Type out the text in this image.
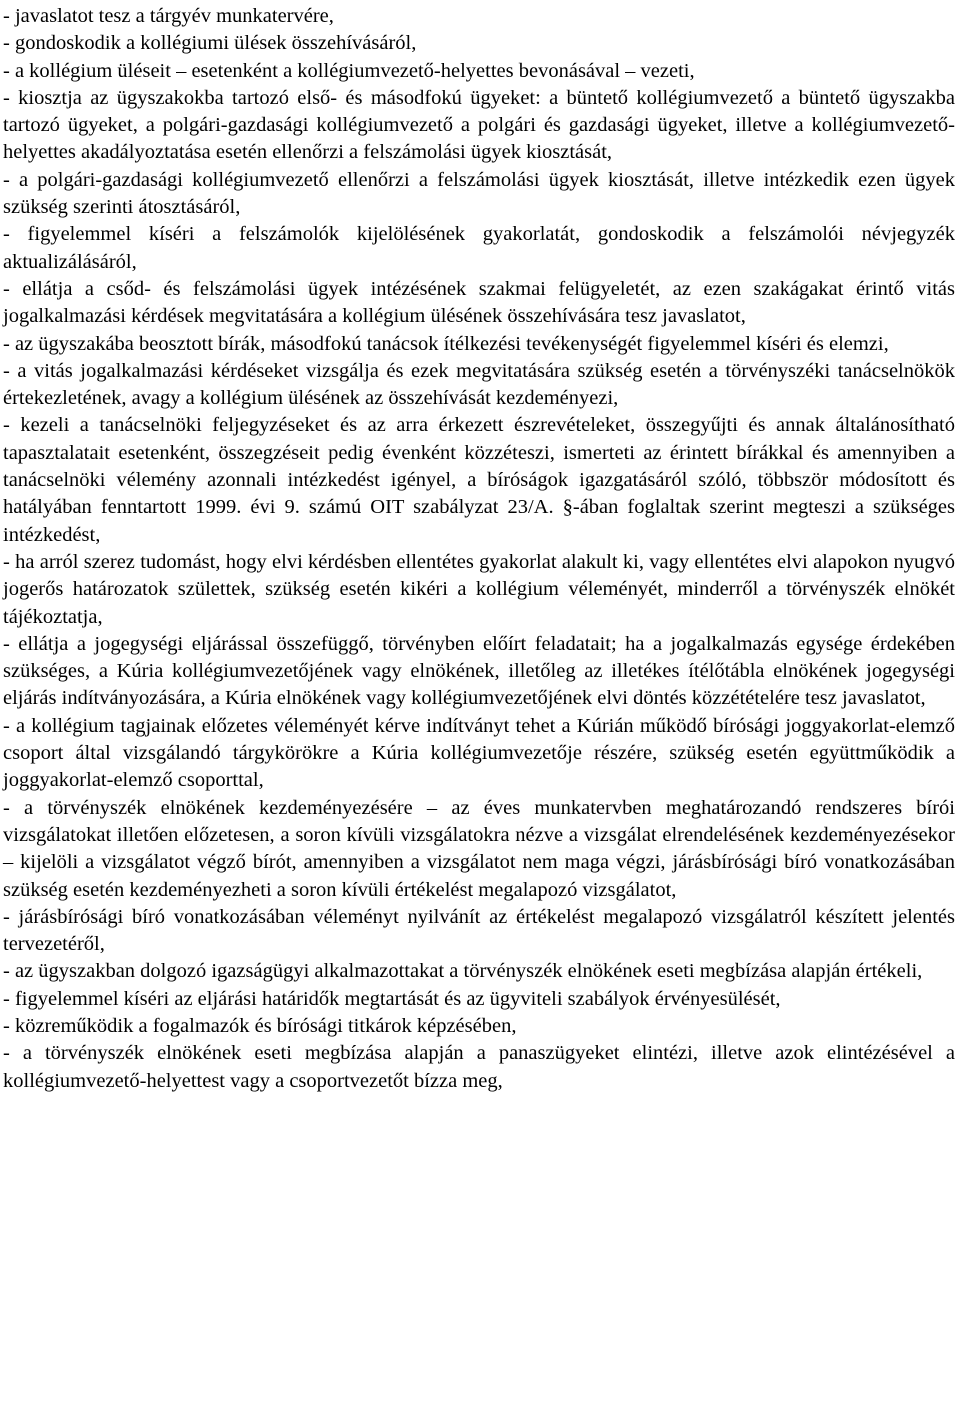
- javaslatot tesz a tárgyév munkatervére,

- gondoskodik a kollégiumi ülések összehívásáról,

- a kollégium üléseit – esetenként a kollégiumvezető-helyettes bevonásával – vezeti,

- kiosztja az ügyszakokba tartozó első- és másodfokú ügyeket: a büntető kollégiumvezető a büntető ügyszakba tartozó ügyeket, a polgári-gazdasági kollégiumvezető a polgári és gazdasági ügyeket, illetve a kollégiumvezető-helyettes akadályoztatása esetén ellenőrzi a felszámolási ügyek kiosztását,

- a polgári-gazdasági kollégiumvezető ellenőrzi a felszámolási ügyek kiosztását, illetve intézkedik ezen ügyek szükség szerinti átosztásáról,

- figyelemmel kíséri a felszámolók kijelölésének gyakorlatát, gondoskodik a felszámolói névjegyzék aktualizálásáról,

- ellátja a csőd- és felszámolási ügyek intézésének szakmai felügyeletét, az ezen szakágakat érintő vitás jogalkalmazási kérdések megvitatására a kollégium ülésének összehívására tesz javaslatot,

- az ügyszakába beosztott bírák, másodfokú tanácsok ítélkezési tevékenységét figyelemmel kíséri és elemzi,

- a vitás jogalkalmazási kérdéseket vizsgálja és ezek megvitatására szükség esetén a törvényszéki tanácselnökök értekezletének, avagy a kollégium ülésének az összehívását kezdeményezi,

- kezeli a tanácselnöki feljegyzéseket és az arra érkezett észrevételeket, összegyűjti és annak általánosítható tapasztalatait esetenként, összegzéseit pedig évenként közzéteszi, ismerteti az érintett bírákkal és amennyiben a tanácselnöki vélemény azonnali intézkedést igényel, a bíróságok igazgatásáról szóló, többször módosított és hatályában fenntartott 1999. évi 9. számú OIT szabályzat 23/A. §-ában foglaltak szerint megteszi a szükséges intézkedést,

- ha arról szerez tudomást, hogy elvi kérdésben ellentétes gyakorlat alakult ki, vagy ellentétes elvi alapokon nyugvó jogerős határozatok születtek, szükség esetén kikéri a kollégium véleményét, minderről a törvényszék elnökét tájékoztatja,

- ellátja a jogegységi eljárással összefüggő, törvényben előírt feladatait; ha a jogalkalmazás egysége érdekében szükséges, a Kúria kollégiumvezetőjének vagy elnökének, illetőleg az illetékes ítélőtábla elnökének jogegységi eljárás indítványozására, a Kúria elnökének vagy kollégiumvezetőjének elvi döntés közzétételére tesz javaslatot,

- a kollégium tagjainak előzetes véleményét kérve indítványt tehet a Kúrián működő bírósági joggyakorlat-elemző csoport által vizsgálandó tárgykörökre a Kúria kollégiumvezetője részére, szükség esetén együttműködik a joggyakorlat-elemző csoporttal,

- a törvényszék elnökének kezdeményezésére – az éves munkatervben meghatározandó rendszeres bírói vizsgálatokat illetően előzetesen, a soron kívüli vizsgálatokra nézve a vizsgálat elrendelésének kezdeményezésekor – kijelöli a vizsgálatot végző bírót, amennyiben a vizsgálatot nem maga végzi, járásbírósági bíró vonatkozásában szükség esetén kezdeményezheti a soron kívüli értékelést megalapozó vizsgálatot,

- járásbírósági bíró vonatkozásában véleményt nyilvánít az értékelést megalapozó vizsgálatról készített jelentés tervezetéről,

- az ügyszakban dolgozó igazságügyi alkalmazottakat a törvényszék elnökének eseti megbízása alapján értékeli,

- figyelemmel kíséri az eljárási határidők megtartását és az ügyviteli szabályok érvényesülését,

- közreműködik a fogalmazók és bírósági titkárok képzésében,

- a törvényszék elnökének eseti megbízása alapján a panaszügyeket elintézi, illetve azok elintézésével a kollégiumvezető-helyettest vagy a csoportvezetőt bízza meg,
